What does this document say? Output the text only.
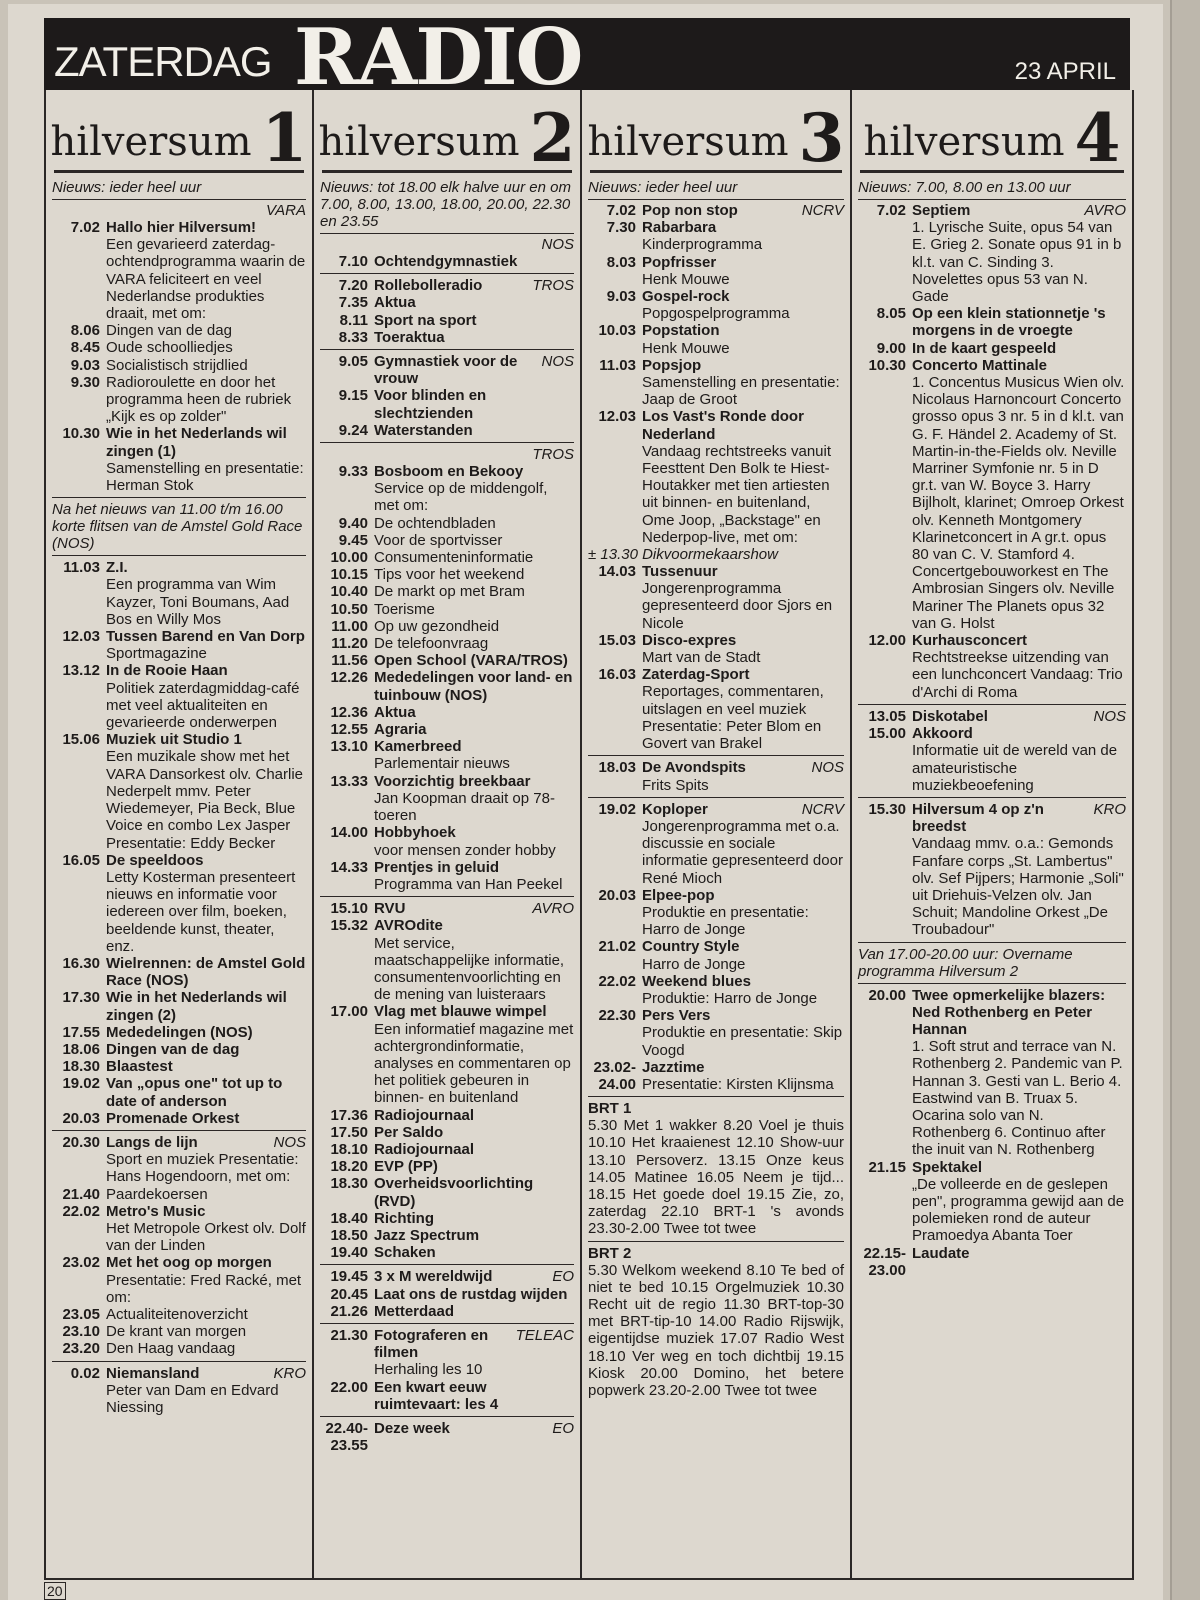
ZATERDAG RADIO	23 APRIL
hilversum 1
Nieuws: ieder heel uur
VARA
7.02 Hallo hier Hilversum!
Een gevarieerd zaterdag-ochtendprogramma waarin de VARA feliciteert en veel Nederlandse produkties draait, met om:
8.06 Dingen van de dag
8.45 Oude schoolliedjes
9.03 Socialistisch strijdlied
9.30 Radioroulette en door het programma heen de rubriek „Kijk es op zolder"
10.30 Wie in het Nederlands wil zingen (1)
Samenstelling en presentatie: Herman Stok
Na het nieuws van 11.00 t/m 16.00 korte flitsen van de Amstel Gold Race (NOS)
11.03 Z.I.
Een programma van Wim Kayzer, Toni Boumans, Aad Bos en Willy Mos
12.03 Tussen Barend en Van Dorp
Sportmagazine
13.12 In de Rooie Haan
Politiek zaterdagmiddag-café met veel aktualiteiten en gevarieerde onderwerpen
15.06 Muziek uit Studio 1
Een muzikale show met het VARA Dansorkest olv. Charlie Nederpelt mmv. Peter Wiedemeyer, Pia Beck, Blue Voice en combo Lex Jasper Presentatie: Eddy Becker
16.05 De speeldoos
Letty Kosterman presenteert nieuws en informatie voor iedereen over film, boeken, beeldende kunst, theater, enz.
16.30 Wielrennen: de Amstel Gold Race (NOS)
17.30 Wie in het Nederlands wil zingen (2)
17.55 Mededelingen (NOS)
18.06 Dingen van de dag
18.30 Blaastest
19.02 Van „opus one" tot up to date of anderson
20.03 Promenade Orkest
20.30 Langs de lijn	NOS
Sport en muziek Presentatie: Hans Hogendoorn, met om:
21.40 Paardekoersen
22.02 Metro's Music
Het Metropole Orkest olv. Dolf van der Linden
23.02 Met het oog op morgen
Presentatie: Fred Racké, met om:
23.05 Actualiteitenoverzicht
23.10 De krant van morgen
23.20 Den Haag vandaag
0.02 Niemansland	KRO
Peter van Dam en Edvard Niessing
hilversum 2
Nieuws: tot 18.00 elk halve uur en om 7.00, 8.00, 13.00, 18.00, 20.00, 22.30 en 23.55
NOS
7.10 Ochtendgymnastiek
7.20 Rollebolleradio	TROS
7.35 Aktua
8.11 Sport na sport
8.33 Toeraktua
9.05 Gymnastiek voor de vrouw
NOS
9.15 Voor blinden en slechtzienden
9.24 Waterstanden
TROS
9.33 Bosboom en Bekooy
Service op de middengolf, met om:
9.40 De ochtendbladen
9.45 Voor de sportvisser
10.00 Consumenteninformatie
10.15 Tips voor het weekend
10.40 De markt op met Bram
10.50 Toerisme
11.00 Op uw gezondheid
11.20 De telefoonvraag
11.56 Open School (VARA/TROS)
12.26 Mededelingen voor land- en tuinbouw (NOS)
12.36 Aktua
12.55 Agraria
13.10 Kamerbreed
Parlementair nieuws
13.33 Voorzichtig breekbaar
Jan Koopman draait op 78-toeren
14.00 Hobbyhoek
voor mensen zonder hobby
14.33 Prentjes in geluid
Programma van Han Peekel
15.10 RVU	AVRO
15.32 AVROdite
Met service, maatschappelijke informatie, consumentenvoorlichting en de mening van luisteraars
17.00 Vlag met blauwe wimpel
Een informatief magazine met achtergrondinformatie, analyses en commentaren op het politiek gebeuren in binnen- en buitenland
17.36 Radiojournaal
17.50 Per Saldo
18.10 Radiojournaal
18.20 EVP (PP)
18.30 Overheidsvoorlichting (RVD)
18.40 Richting
18.50 Jazz Spectrum
19.40 Schaken
19.45 3 x M wereldwijd	EO
20.45 Laat ons de rustdag wijden
21.26 Metterdaad
21.30 Fotograferen en filmen
TELEAC
Herhaling les 10
22.00 Een kwart eeuw ruimtevaart: les 4
22.40-23.55
Deze week	EO
hilversum 3
Nieuws: ieder heel uur
7.02 Pop non stop	NCRV
7.30 Rabarbara
Kinderprogramma
8.03 Popfrisser
Henk Mouwe
9.03 Gospel-rock
Popgospelprogramma
10.03 Popstation
Henk Mouwe
11.03 Popsjop
Samenstelling en presentatie: Jaap de Groot
12.03 Los Vast's Ronde door Nederland
Vandaag rechtstreeks vanuit Feesttent Den Bolk te Hiest-Houtakker met tien artiesten uit binnen- en buitenland, Ome Joop, „Backstage" en Nederpop-live, met om:
± 13.30 Dikvoormekaarshow
14.03 Tussenuur
Jongerenprogramma gepresenteerd door Sjors en Nicole
15.03 Disco-expres
Mart van de Stadt
16.03 Zaterdag-Sport
Reportages, commentaren, uitslagen en veel muziek Presentatie: Peter Blom en Govert van Brakel
18.03 De Avondspits	NOS
Frits Spits
19.02 Koploper	NCRV
Jongerenprogramma met o.a. discussie en sociale informatie gepresenteerd door René Mioch
20.03 Elpee-pop
Produktie en presentatie: Harro de Jonge
21.02 Country Style
Harro de Jonge
22.02 Weekend blues
Produktie: Harro de Jonge
22.30 Pers Vers
Produktie en presentatie: Skip Voogd
23.02-24.00
Jazztime
Presentatie: Kirsten Klijnsma
BRT 1
5.30 Met 1 wakker 8.20 Voel je thuis 10.10 Het kraaienest 12.10 Show-uur 13.10 Persoverz. 13.15 Onze keus 14.05 Matinee 16.05 Neem je tijd... 18.15 Het goede doel 19.15 Zie, zo, zaterdag 22.10 BRT-1 's avonds 23.30-2.00 Twee tot twee
BRT 2
5.30 Welkom weekend 8.10 Te bed of niet te bed 10.15 Orgelmuziek 10.30 Recht uit de regio 11.30 BRT-top-30 met BRT-tip-10 14.00 Radio Rijswijk, eigentijdse muziek 17.07 Radio West 18.10 Ver weg en toch dichtbij 19.15 Kiosk 20.00 Domino, het betere popwerk 23.20-2.00 Twee tot twee
hilversum 4
Nieuws: 7.00, 8.00 en 13.00 uur
7.02 Septiem	AVRO
1. Lyrische Suite, opus 54 van E. Grieg 2. Sonate opus 91 in b kl.t. van C. Sinding 3. Novelettes opus 53 van N. Gade
8.05 Op een klein stationnetje 's morgens in de vroegte
9.00 In de kaart gespeeld
10.30 Concerto Mattinale
1. Concentus Musicus Wien olv. Nicolaus Harnoncourt Concerto grosso opus 3 nr. 5 in d kl.t. van G. F. Händel 2. Academy of St. Martin-in-the-Fields olv. Neville Marriner Symfonie nr. 5 in D gr.t. van W. Boyce 3. Harry Bijlholt, klarinet; Omroep Orkest olv. Kenneth Montgomery Klarinetconcert in A gr.t. opus 80 van C. V. Stamford 4. Concertgebouworkest en The Ambrosian Singers olv. Neville Mariner The Planets opus 32 van G. Holst
12.00 Kurhausconcert
Rechtstreekse uitzending van een lunchconcert Vandaag: Trio d'Archi di Roma
13.05 Diskotabel	NOS
15.00 Akkoord
Informatie uit de wereld van de amateuristische muziekbeoefening
15.30 Hilversum 4 op z'n breedst
KRO
Vandaag mmv. o.a.: Gemonds Fanfare corps „St. Lambertus" olv. Sef Pijpers; Harmonie „Soli" uit Driehuis-Velzen olv. Jan Schuit; Mandoline Orkest „De Troubadour"
Van 17.00-20.00 uur: Overname programma Hilversum 2
20.00 Twee opmerkelijke blazers: Ned Rothenberg en Peter Hannan
1. Soft strut and terrace van N. Rothenberg 2. Pandemic van P. Hannan 3. Gesti van L. Berio 4. Eastwind van B. Truax 5. Ocarina solo van N. Rothenberg 6. Continuo after the inuit van N. Rothenberg
21.15 Spektakel
„De volleerde en de geslepen pen", programma gewijd aan de polemieken rond de auteur Pramoedya Abanta Toer
22.15-23.00
Laudate
20
